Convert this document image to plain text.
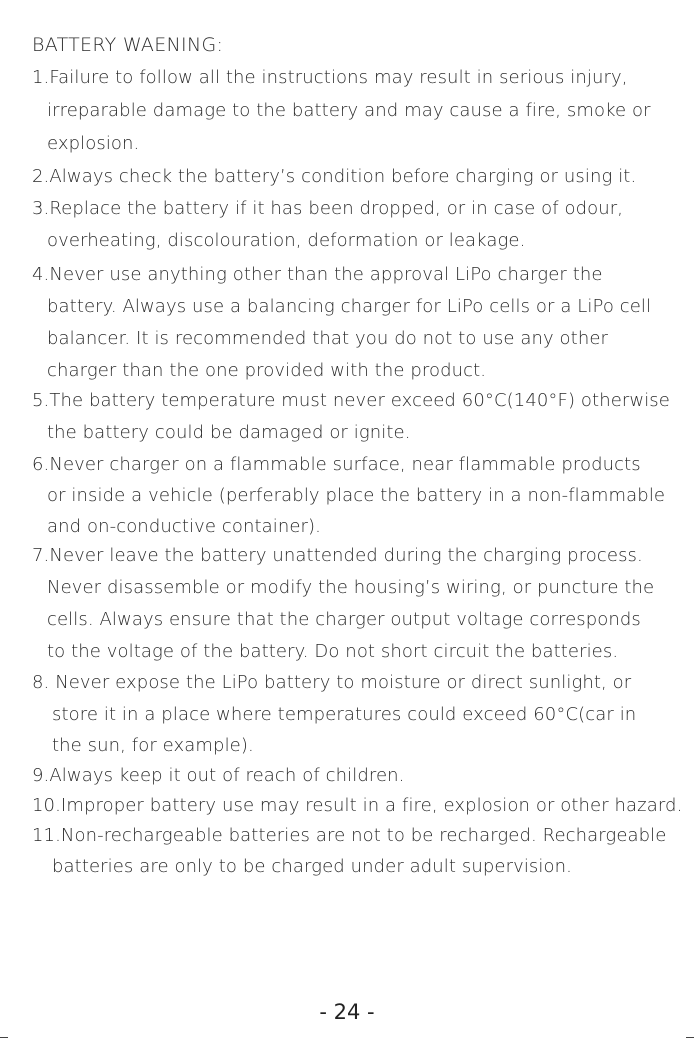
BATTERY WAENING:
1.Failure to follow all the instructions may result in serious injury,
irreparable damage to the battery and may cause a fire, smoke or
explosion.
2.Always check the battery’s condition before charging or using it.
3.Replace the battery if it has been dropped, or in case of odour,
overheating, discolouration, deformation or leakage.
4.Never use anything other than the approval LiPo charger the
battery. Always use a balancing charger for LiPo cells or a LiPo cell
balancer. It is recommended that you do not to use any other
charger than the one provided with the product.
5.The battery temperature must never exceed 60°C(140°F) otherwise
the battery could be damaged or ignite.
6.Never charger on a flammable surface, near flammable products
or inside a vehicle (perferably place the battery in a non-flammable
and on-conductive container).
7.Never leave the battery unattended during the charging process.
Never disassemble or modify the housing’s wiring, or puncture the
cells. Always ensure that the charger output voltage corresponds
to the voltage of the battery. Do not short circuit the batteries.
8. Never expose the LiPo battery to moisture or direct sunlight, or
store it in a place where temperatures could exceed 60°C(car in
the sun, for example).
9.Always keep it out of reach of children.
10.Improper battery use may result in a fire, explosion or other hazard.
11.Non-rechargeable batteries are not to be recharged. Rechargeable
batteries are only to be charged under adult supervision.
- 24 -
